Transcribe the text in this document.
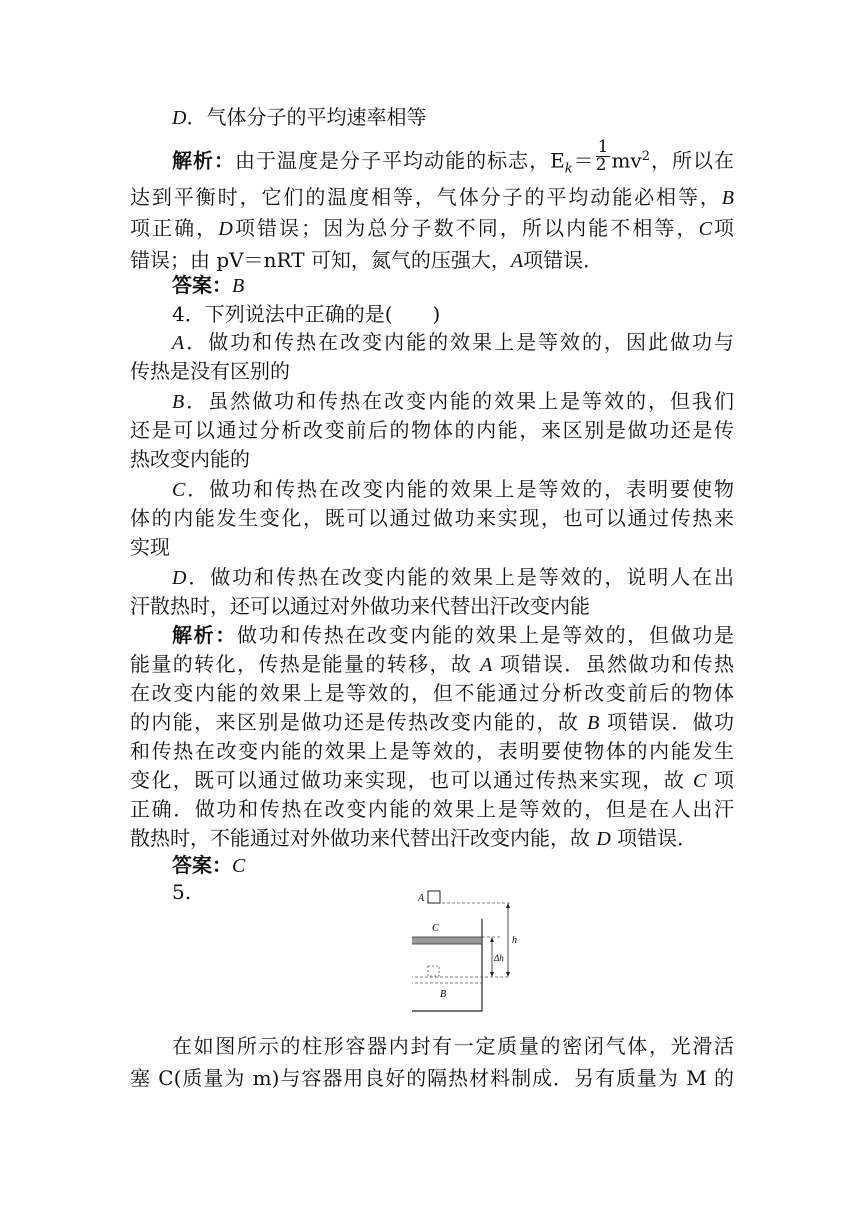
D．气体分子的平均速率相等
解析：由于温度是分子平均动能的标志，$E_k= \frac{1}{2} mv^2$，所以在
达到平衡时，它们的温度相等，气体分子的平均动能必相等，B
项正确，D项错误；因为总分子数不同，所以内能不相等，C项
错误；由 pV＝nRT 可知，氮气的压强大，A项错误．
答案：B
4．下列说法中正确的是(　　)
A．做功和传热在改变内能的效果上是等效的，因此做功与
传热是没有区别的
B．虽然做功和传热在改变内能的效果上是等效的，但我们
还是可以通过分析改变前后的物体的内能，来区别是做功还是传
热改变内能的
C．做功和传热在改变内能的效果上是等效的，表明要使物
体的内能发生变化，既可以通过做功来实现，也可以通过传热来
实现
D．做功和传热在改变内能的效果上是等效的，说明人在出
汗散热时，还可以通过对外做功来代替出汗改变内能
解析：做功和传热在改变内能的效果上是等效的，但做功是
能量的转化，传热是能量的转移，故 A 项错误．虽然做功和传热
在改变内能的效果上是等效的，但不能通过分析改变前后的物体
的内能，来区别是做功还是传热改变内能的，故 B 项错误．做功
和传热在改变内能的效果上是等效的，表明要使物体的内能发生
变化，既可以通过做功来实现，也可以通过传热来实现，故 C 项
正确．做功和传热在改变内能的效果上是等效的，但是在人出汗
散热时，不能通过对外做功来代替出汗改变内能，故 D 项错误．
答案：C
5.
在如图所示的柱形容器内封有一定质量的密闭气体，光滑活
塞 C(质量为 m)与容器用良好的隔热材料制成．另有质量为 M 的
A
C
B
h
Δh
